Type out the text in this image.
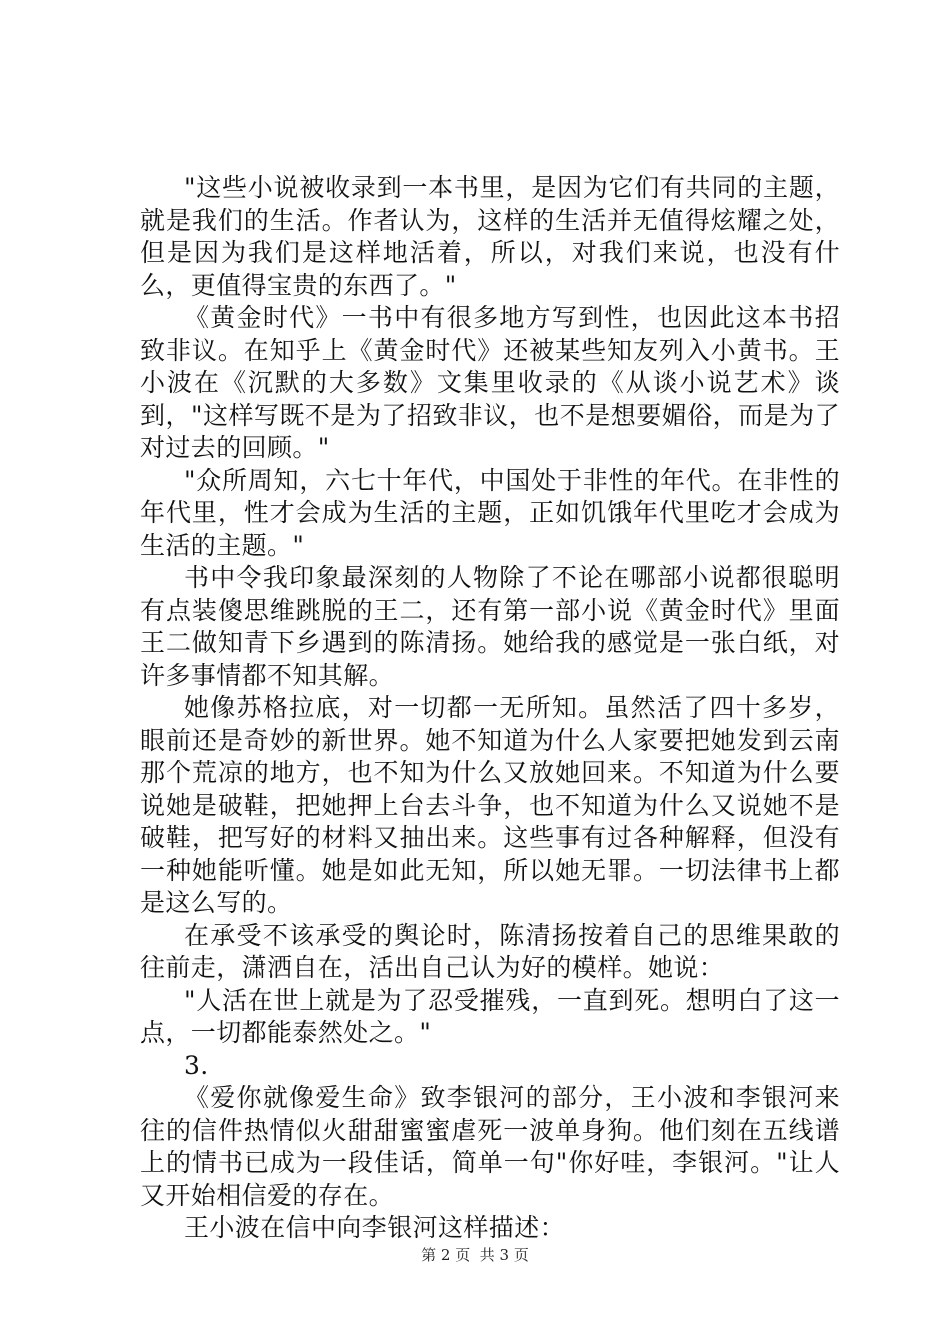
"这些小说被收录到一本书里，是因为它们有共同的主题，就是我们的生活。作者认为，这样的生活并无值得炫耀之处，但是因为我们是这样地活着，所以，对我们来说，也没有什么，更值得宝贵的东西了。"

《黄金时代》一书中有很多地方写到性，也因此这本书招致非议。在知乎上《黄金时代》还被某些知友列入小黄书。王小波在《沉默的大多数》文集里收录的《从谈小说艺术》谈到，"这样写既不是为了招致非议，也不是想要媚俗，而是为了对过去的回顾。"

"众所周知，六七十年代，中国处于非性的年代。在非性的年代里，性才会成为生活的主题，正如饥饿年代里吃才会成为生活的主题。"

书中令我印象最深刻的人物除了不论在哪部小说都很聪明有点装傻思维跳脱的王二，还有第一部小说《黄金时代》里面王二做知青下乡遇到的陈清扬。她给我的感觉是一张白纸，对许多事情都不知其解。

她像苏格拉底，对一切都一无所知。虽然活了四十多岁，眼前还是奇妙的新世界。她不知道为什么人家要把她发到云南那个荒凉的地方，也不知为什么又放她回来。不知道为什么要说她是破鞋，把她押上台去斗争，也不知道为什么又说她不是破鞋，把写好的材料又抽出来。这些事有过各种解释，但没有一种她能听懂。她是如此无知，所以她无罪。一切法律书上都是这么写的。

在承受不该承受的舆论时，陈清扬按着自己的思维果敢的往前走，潇洒自在，活出自己认为好的模样。她说：

"人活在世上就是为了忍受摧残，一直到死。想明白了这一点，一切都能泰然处之。"

3.

《爱你就像爱生命》致李银河的部分，王小波和李银河来往的信件热情似火甜甜蜜蜜虐死一波单身狗。他们刻在五线谱上的情书已成为一段佳话，简单一句"你好哇，李银河。"让人又开始相信爱的存在。

王小波在信中向李银河这样描述：

第 2 页  共 3 页
